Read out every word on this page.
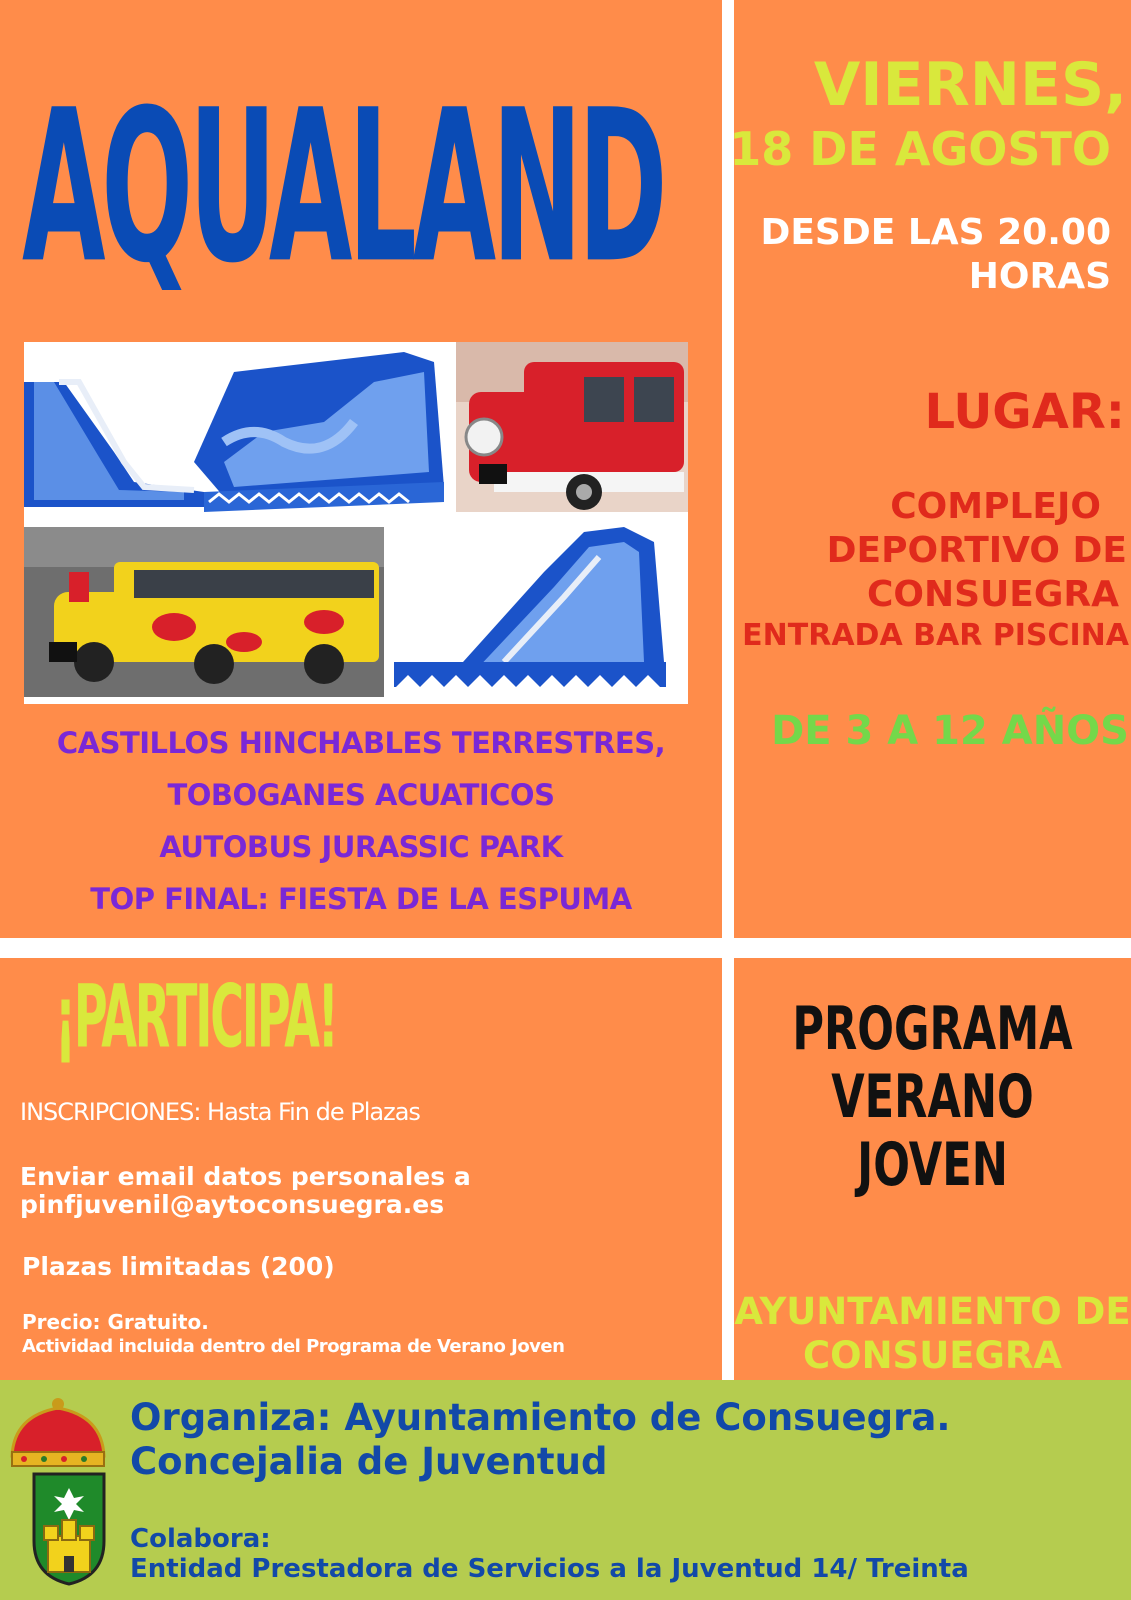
AQUALAND
CASTILLOS HINCHABLES TERRESTRES,
TOBOGANES ACUATICOS
AUTOBUS JURASSIC PARK
TOP FINAL: FIESTA DE LA ESPUMA
VIERNES,
18 DE AGOSTO
DESDE LAS 20.00
HORAS
LUGAR:
COMPLEJO
DEPORTIVO DE
CONSUEGRA
ENTRADA BAR PISCINA
DE 3 A 12 AÑOS
¡PARTICIPA!
INSCRIPCIONES: Hasta Fin de Plazas
Enviar email datos personales a
pinfjuvenil@aytoconsuegra.es
Plazas limitadas (200)
Precio: Gratuito.
Actividad incluida dentro del Programa de Verano Joven
PROGRAMA
VERANO
JOVEN
AYUNTAMIENTO DE
CONSUEGRA
Organiza: Ayuntamiento de Consuegra.
Concejalia de Juventud
Colabora:
Entidad Prestadora de Servicios a la Juventud 14/ Treinta
